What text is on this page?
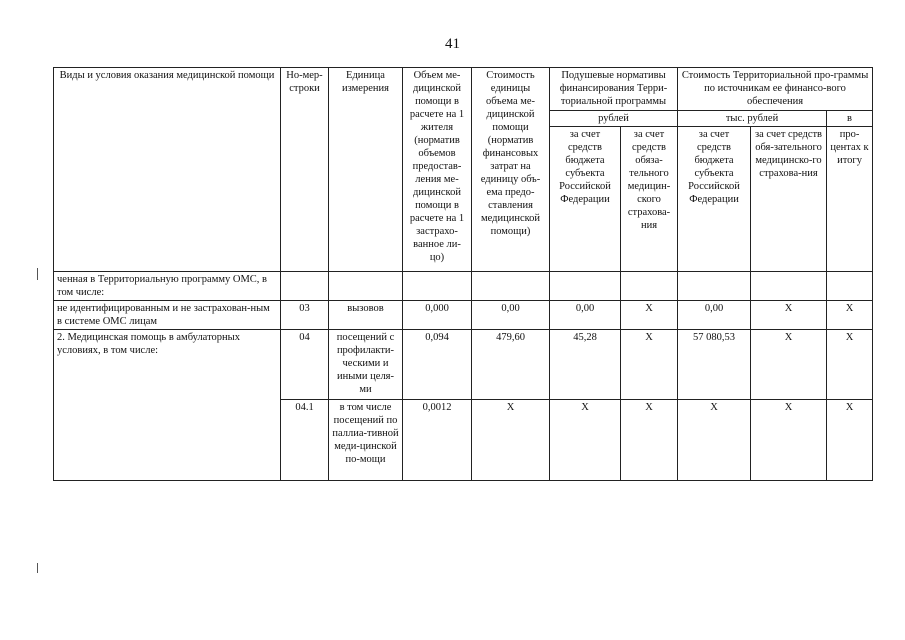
41
Виды и условия оказания медицинской помощи	Но-мер-строки	Единица измерения	Объем ме-дицинской помощи в расчете на 1 жителя (норматив объемов предостав-ления ме-дицинской помощи в расчете на 1 застрахо-ванное ли-цо)	Стоимость единицы объема ме-дицинской помощи (норматив финансовых затрат на единицу объ-ема предо-ставления медицинской помощи)	Подушевые нормативы финансирования Терри-ториальной программы		Стоимость Территориальной про-граммы по источникам ее финансо-вого обеспечения		
					рублей		тыс. рублей		в
					за счет средств бюджета субъекта Российской Федерации	за счет средств обяза-тельного медицин-ского страхова-ния	за счет средств бюджета субъекта Российской Федерации	за счет средств обя-зательного медицинско-го страхова-ния	про-центах к итогу
ченная в Территориальную программу ОМС, в том числе:									
не идентифицированным и не застрахован-ным в системе ОМС лицам	03	вызовов	0,000	0,00	0,00	X	0,00	X	X
2. Медицинская помощь в амбулаторных условиях, в том числе:	04	посещений с профилакти-ческими и иными целя-ми	0,094	479,60	45,28	X	57 080,53	X	X
	04.1	в том числе посещений по паллиа-тивной меди-цинской по-мощи	0,0012	X	X	X	X	X	X
